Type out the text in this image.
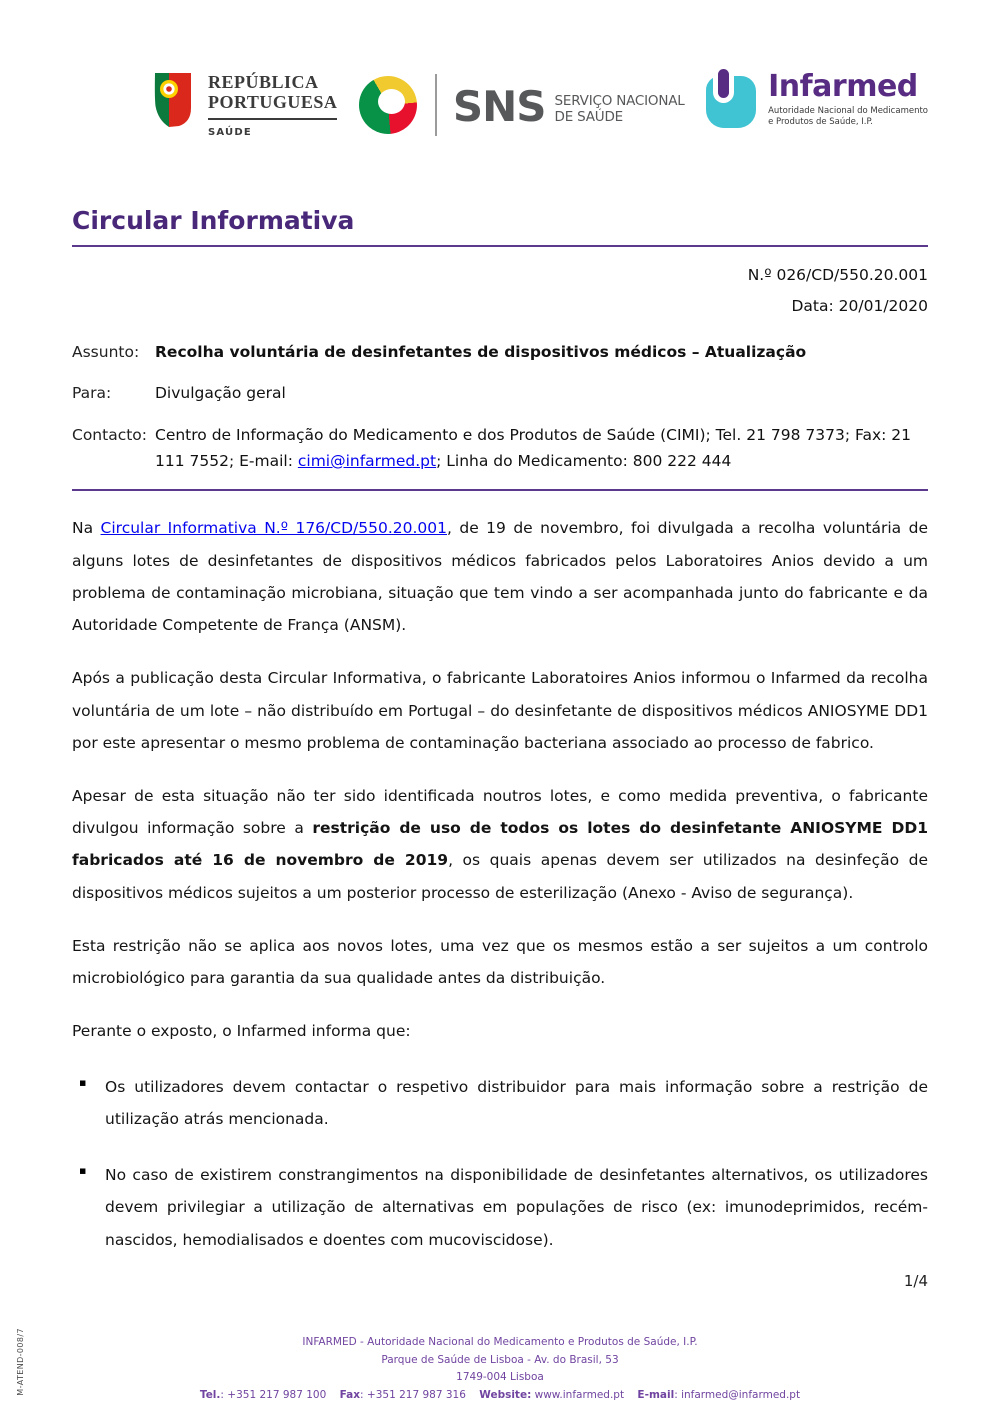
REPÚBLICA
PORTUGUESA
SAÚDE
SNS SERVIÇO NACIONAL
DE SAÚDE
Infarmed
Autoridade Nacional do Medicamento
e Produtos de Saúde, I.P.
Circular Informativa
N.º 026/CD/550.20.001
Data: 20/01/2020
Assunto:	Recolha voluntária de desinfetantes de dispositivos médicos – Atualização
Para:	Divulgação geral
Contacto: Centro de Informação do Medicamento e dos Produtos de Saúde (CIMI); Tel. 21 798 7373; Fax: 21 111 7552; E-mail: cimi@infarmed.pt; Linha do Medicamento: 800 222 444

Na Circular Informativa N.º 176/CD/550.20.001, de 19 de novembro, foi divulgada a recolha voluntária de alguns lotes de desinfetantes de dispositivos médicos fabricados pelos Laboratoires Anios devido a um problema de contaminação microbiana, situação que tem vindo a ser acompanhada junto do fabricante e da Autoridade Competente de França (ANSM).

Após a publicação desta Circular Informativa, o fabricante Laboratoires Anios informou o Infarmed da recolha voluntária de um lote – não distribuído em Portugal – do desinfetante de dispositivos médicos ANIOSYME DD1 por este apresentar o mesmo problema de contaminação bacteriana associado ao processo de fabrico.

Apesar de esta situação não ter sido identificada noutros lotes, e como medida preventiva, o fabricante divulgou informação sobre a restrição de uso de todos os lotes do desinfetante ANIOSYME DD1 fabricados até 16 de novembro de 2019, os quais apenas devem ser utilizados na desinfeção de dispositivos médicos sujeitos a um posterior processo de esterilização (Anexo - Aviso de segurança).

Esta restrição não se aplica aos novos lotes, uma vez que os mesmos estão a ser sujeitos a um controlo microbiológico para garantia da sua qualidade antes da distribuição.

Perante o exposto, o Infarmed informa que:

▪
Os utilizadores devem contactar o respetivo distribuidor para mais informação sobre a restrição de utilização atrás mencionada.
▪
No caso de existirem constrangimentos na disponibilidade de desinfetantes alternativos, os utilizadores devem privilegiar a utilização de alternativas em populações de risco (ex: imunodeprimidos, recém-nascidos, hemodialisados e doentes com mucoviscidose).
1/4
M-ATEND-008/7	INFARMED - Autoridade Nacional do Medicamento e Produtos de Saúde, I.P.
Parque de Saúde de Lisboa - Av. do Brasil, 53
1749-004 Lisboa
Tel.: +351 217 987 100 Fax: +351 217 987 316 Website: www.infarmed.pt E-mail: infarmed@infarmed.pt
